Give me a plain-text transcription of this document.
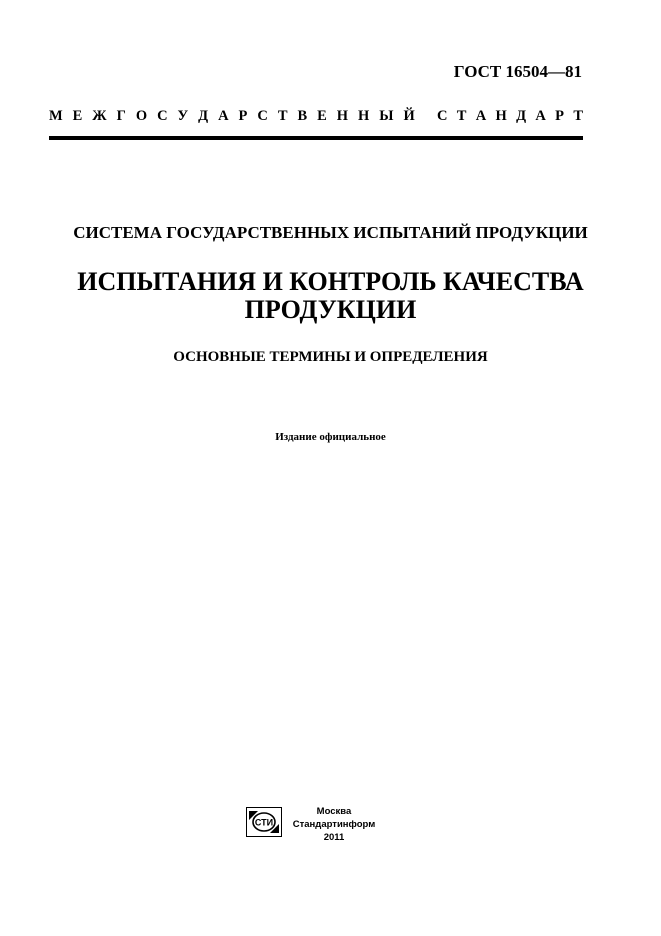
ГОСТ 16504—81
М Е Ж Г О С У Д А Р С Т В Е Н Н Ы Й С Т А Н Д А Р Т
СИСТЕМА ГОСУДАРСТВЕННЫХ ИСПЫТАНИЙ ПРОДУКЦИИ
ИСПЫТАНИЯ И КОНТРОЛЬ КАЧЕСТВА
ПРОДУКЦИИ
ОСНОВНЫЕ ТЕРМИНЫ И ОПРЕДЕЛЕНИЯ
Издание официальное
СТИ
Москва
Стандартинформ
2011
